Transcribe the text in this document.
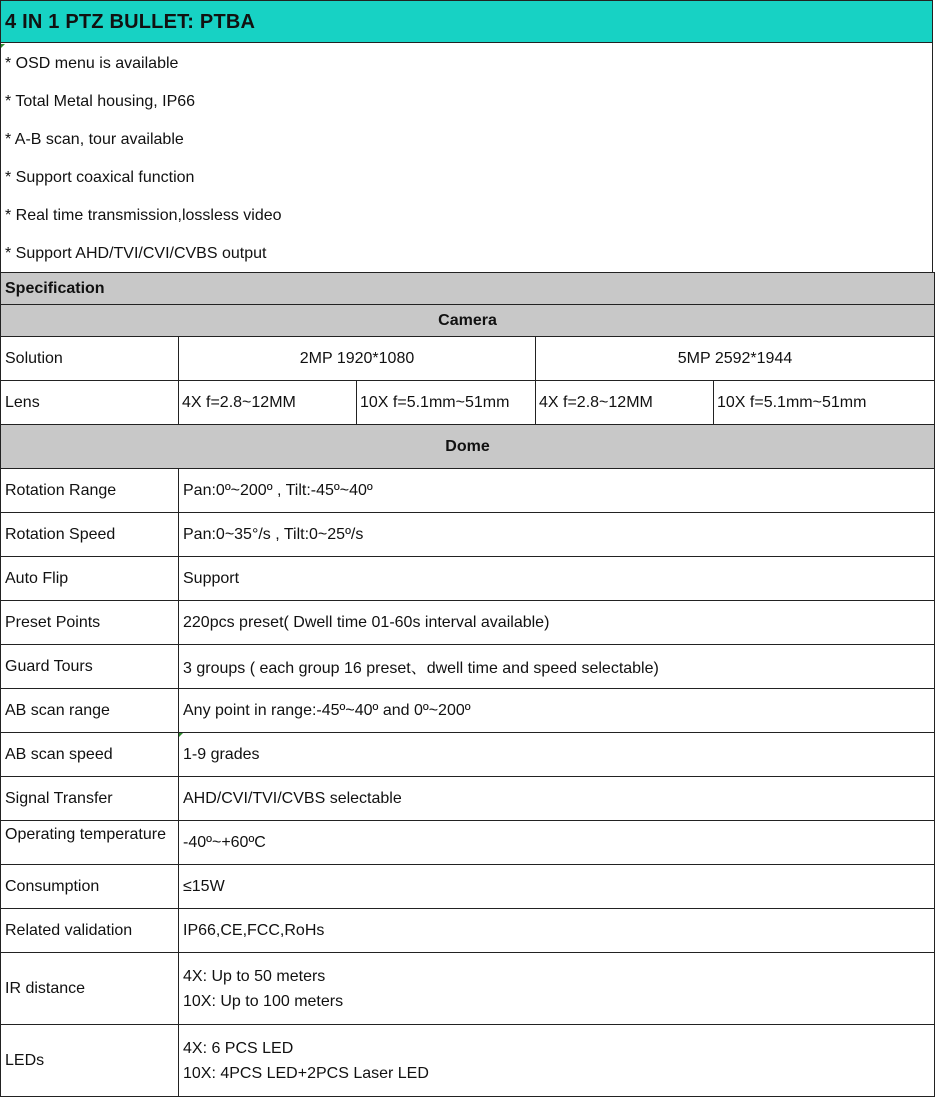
4 IN 1 PTZ BULLET: PTBA
* OSD menu is available
* Total Metal housing, IP66
* A-B scan, tour available
* Support coaxical function
* Real time transmission,lossless video
* Support AHD/TVI/CVI/CVBS output
Specification				
Camera				
Solution	2MP 1920*1080		5MP 2592*1944	
Lens	4X f=2.8~12MM	10X f=5.1mm~51mm	4X f=2.8~12MM	10X f=5.1mm~51mm
Dome				
Rotation Range	Pan:0º~200º , Tilt:-45º~40º			
Rotation Speed	Pan:0~35°/s , Tilt:0~25º/s			
Auto Flip	Support			
Preset Points	220pcs preset( Dwell time 01-60s interval available)			
Guard Tours	3 groups ( each group 16 preset、dwell time and speed selectable)			
AB scan range	Any point in range:-45º~40º and 0º~200º			
AB scan speed	1-9 grades			
Signal Transfer	AHD/CVI/TVI/CVBS selectable			

Operating temperature	-40º~+60ºC			
Consumption	≤15W			
Related validation	IP66,CE,FCC,RoHs			
IR distance	4X: Up to 50 meters
10X: Up to 100 meters			

LEDs	4X: 6 PCS LED
10X: 4PCS LED+2PCS Laser LED			
